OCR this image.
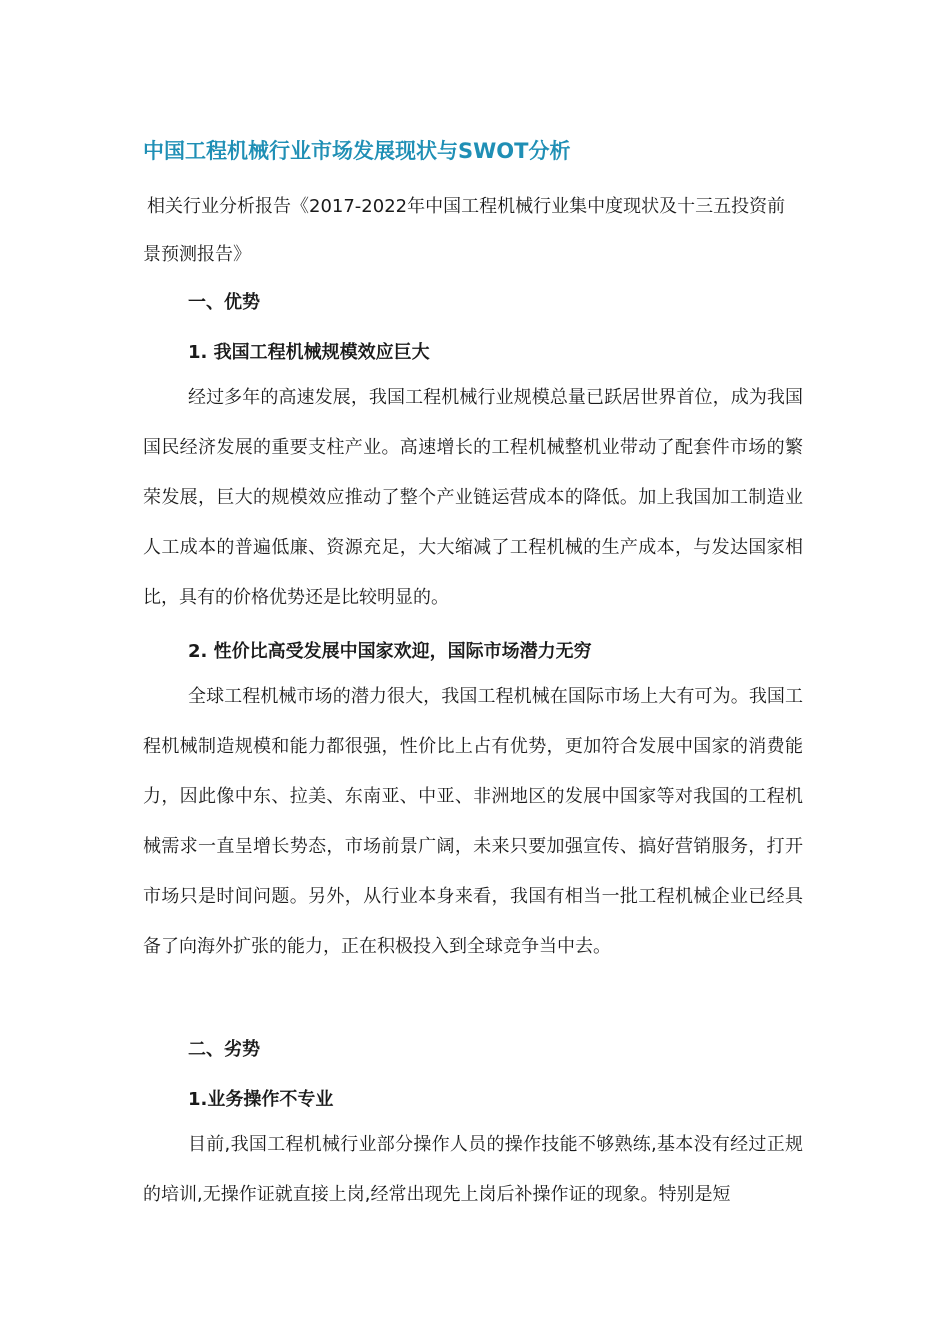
中国工程机械行业市场发展现状与SWOT分析
相关行业分析报告《2017-2022年中国工程机械行业集中度现状及十三五投资前景预测报告》
一、优势
1. 我国工程机械规模效应巨大
经过多年的高速发展，我国工程机械行业规模总量已跃居世界首位，成为我国国民经济发展的重要支柱产业。高速增长的工程机械整机业带动了配套件市场的繁荣发展，巨大的规模效应推动了整个产业链运营成本的降低。加上我国加工制造业人工成本的普遍低廉、资源充足，大大缩减了工程机械的生产成本，与发达国家相比，具有的价格优势还是比较明显的。
2. 性价比高受发展中国家欢迎，国际市场潜力无穷
全球工程机械市场的潜力很大，我国工程机械在国际市场上大有可为。我国工程机械制造规模和能力都很强，性价比上占有优势，更加符合发展中国家的消费能力，因此像中东、拉美、东南亚、中亚、非洲地区的发展中国家等对我国的工程机械需求一直呈增长势态，市场前景广阔，未来只要加强宣传、搞好营销服务，打开市场只是时间问题。另外，从行业本身来看，我国有相当一批工程机械企业已经具备了向海外扩张的能力，正在积极投入到全球竞争当中去。
二、劣势
1.业务操作不专业
目前,我国工程机械行业部分操作人员的操作技能不够熟练,基本没有经过正规的培训,无操作证就直接上岗,经常出现先上岗后补操作证的现象。特别是短
